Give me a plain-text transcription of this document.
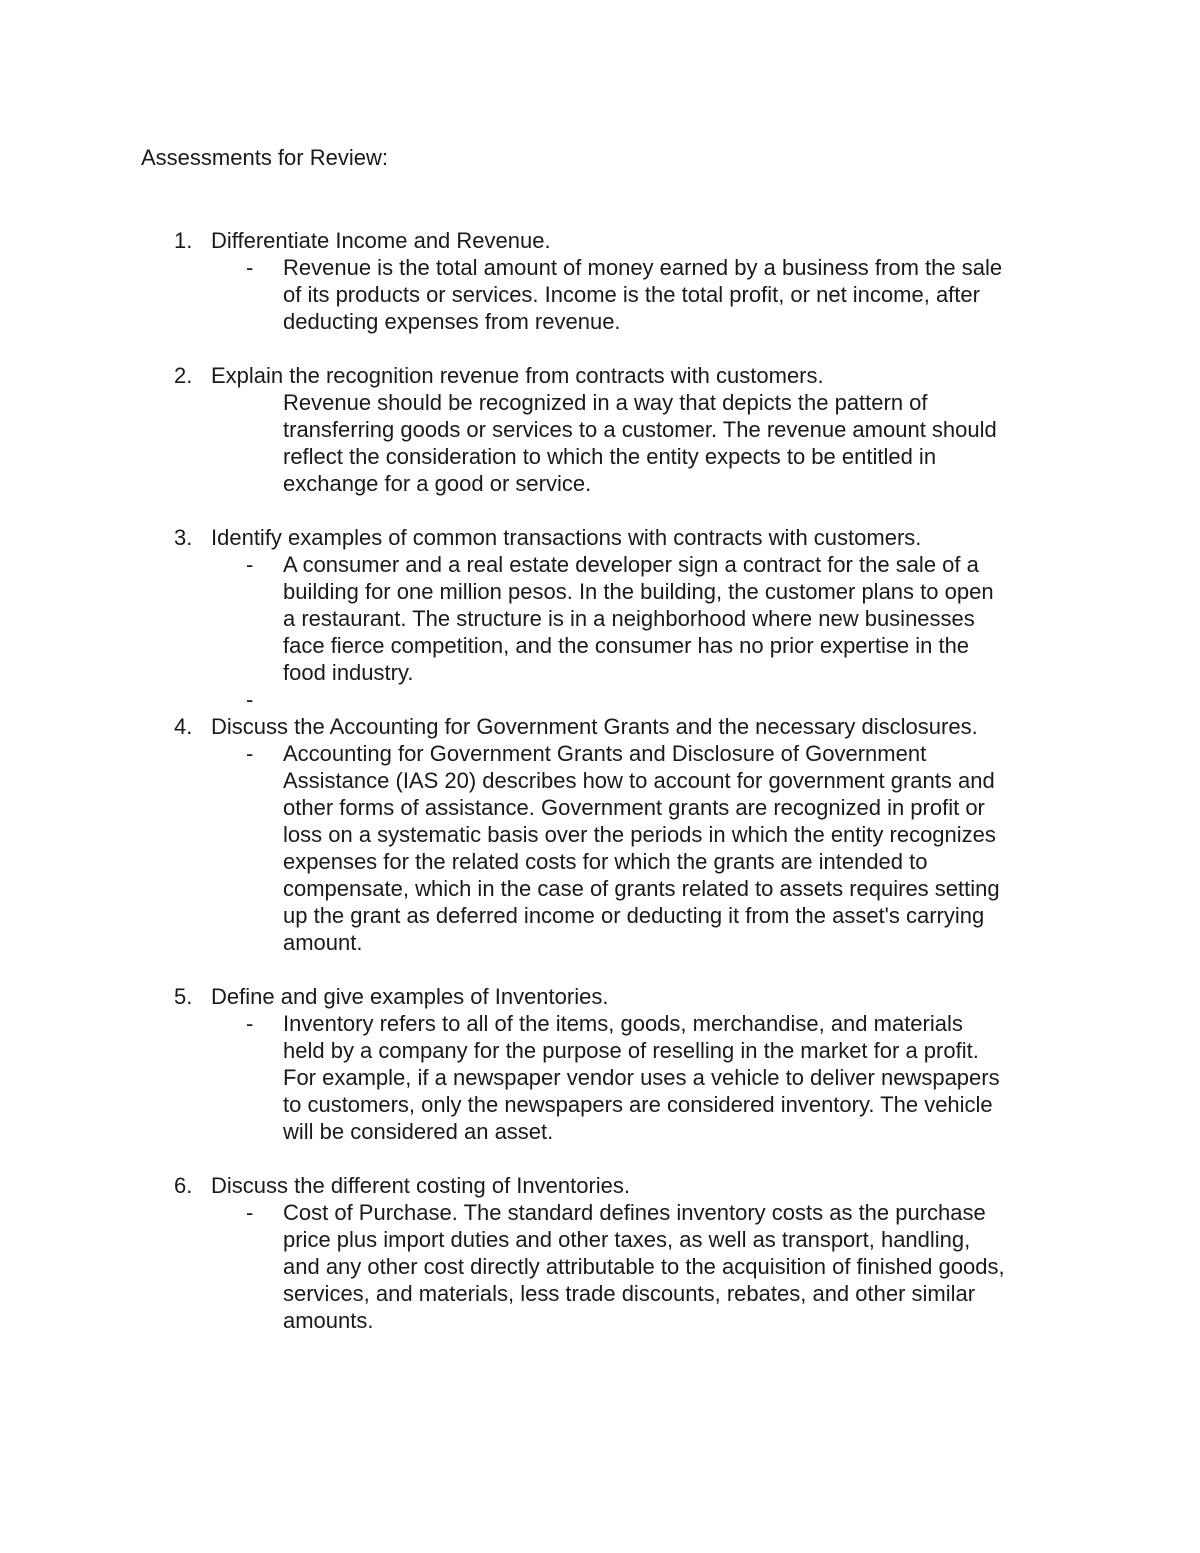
Assessments for Review:
1. Differentiate Income and Revenue.
-	Revenue is the total amount of money earned by a business from the sale
of its products or services. Income is the total profit, or net income, after
deducting expenses from revenue.
2. Explain the recognition revenue from contracts with customers.
Revenue should be recognized in a way that depicts the pattern of
transferring goods or services to a customer. The revenue amount should
reflect the consideration to which the entity expects to be entitled in
exchange for a good or service.
3. Identify examples of common transactions with contracts with customers.
-	A consumer and a real estate developer sign a contract for the sale of a
building for one million pesos. In the building, the customer plans to open
a restaurant. The structure is in a neighborhood where new businesses
face fierce competition, and the consumer has no prior expertise in the
food industry.
-
4. Discuss the Accounting for Government Grants and the necessary disclosures.
-	Accounting for Government Grants and Disclosure of Government
Assistance (IAS 20) describes how to account for government grants and
other forms of assistance. Government grants are recognized in profit or
loss on a systematic basis over the periods in which the entity recognizes
expenses for the related costs for which the grants are intended to
compensate, which in the case of grants related to assets requires setting
up the grant as deferred income or deducting it from the asset's carrying
amount.
5. Define and give examples of Inventories.
-	Inventory refers to all of the items, goods, merchandise, and materials
held by a company for the purpose of reselling in the market for a profit.
For example, if a newspaper vendor uses a vehicle to deliver newspapers
to customers, only the newspapers are considered inventory. The vehicle
will be considered an asset.
6. Discuss the different costing of Inventories.
-	Cost of Purchase. The standard defines inventory costs as the purchase
price plus import duties and other taxes, as well as transport, handling,
and any other cost directly attributable to the acquisition of finished goods,
services, and materials, less trade discounts, rebates, and other similar
amounts.
